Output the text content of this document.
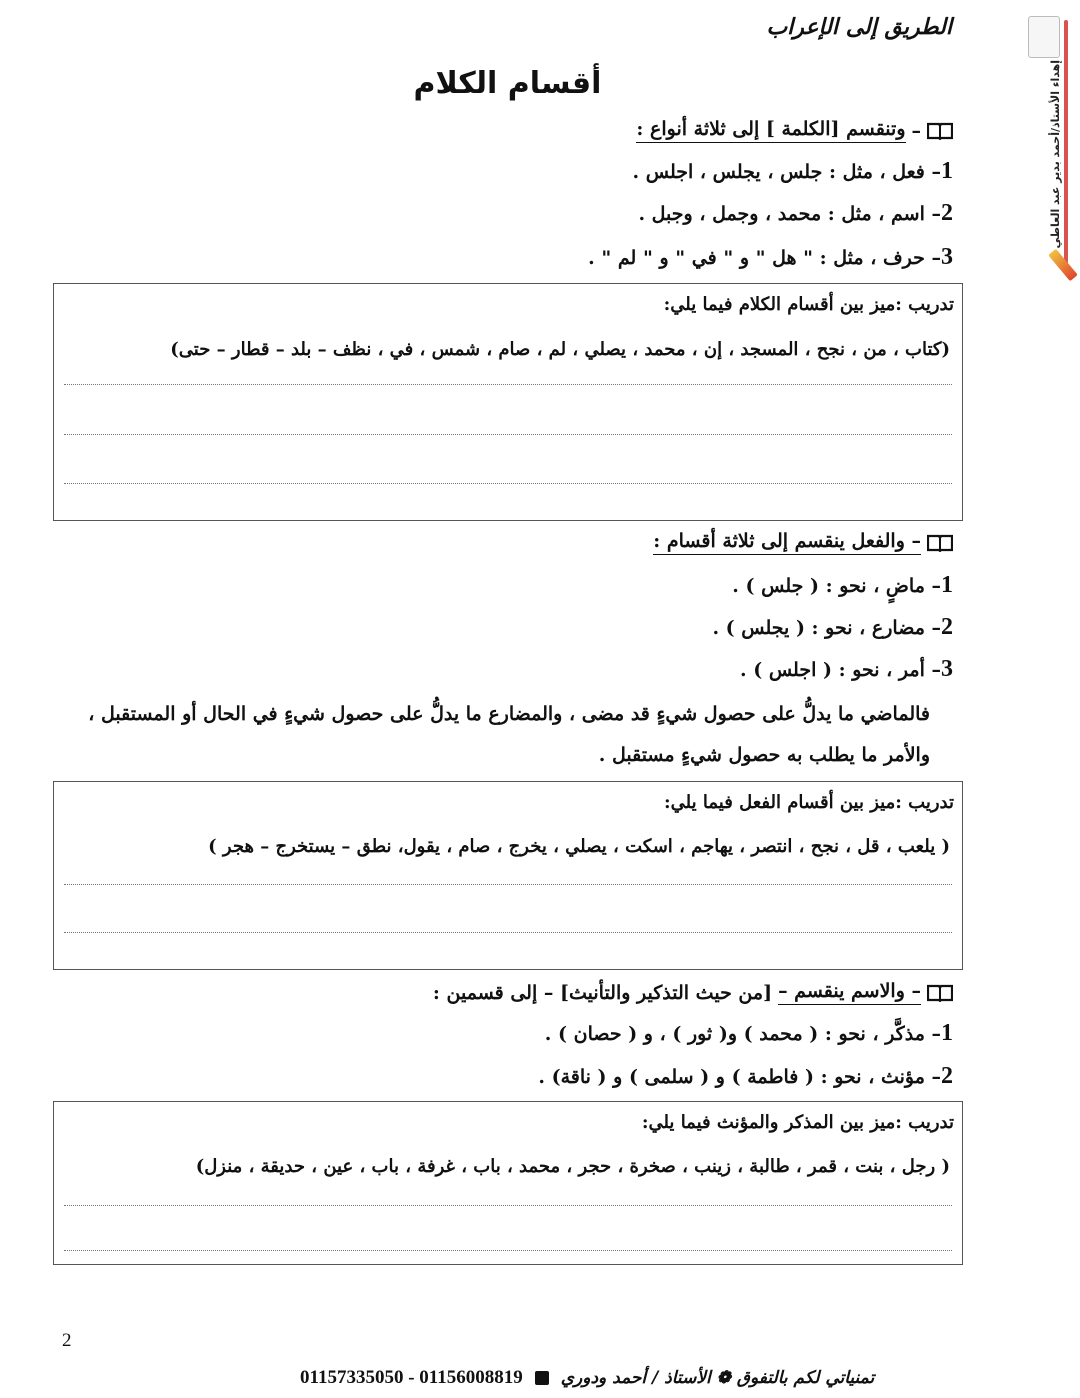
الطريق إلى الإعراب
إهداء الأستاذ/أحمد بدير عبد العاطي
أقسام الكلام
–
وتنقسم [الكلمة ] إلى ثلاثة أنواع :
1– فعل ، مثل : جلس ، يجلس ، اجلس .
2– اسم ، مثل : محمد ، وجمل ، وجبل .
3– حرف ، مثل : " هل " و " في " و " لم " .
تدريب :ميز بين أقسام الكلام فيما يلي:
(كتاب ، من ، نجح ، المسجد ، إن ، محمد ، يصلي ، لم ، صام ، شمس ، في ، نظف – بلد – قطار – حتى)
– والفعل ينقسم إلى ثلاثة أقسام :
1– ماضٍ ، نحو : ( جلس ) .
2– مضارع ، نحو : ( يجلس ) .
3– أمر ، نحو : ( اجلس ) .
فالماضي ما يدلُّ على حصول شيءٍ قد مضى ، والمضارع ما يدلُّ على حصول شيءٍ في الحال أو المستقبل ، والأمر ما يطلب به حصول شيءٍ مستقبل .
تدريب :ميز بين أقسام الفعل فيما يلي:
( يلعب ، قل ، نجح ، انتصر ، يهاجم ، اسكت ، يصلي ، يخرج ، صام ، يقول، نطق – يستخرج – هجر )
– والاسم ينقسم –
[من حيث التذكير والتأنيث] – إلى قسمين :
1– مذكَّر ، نحو : ( محمد ) و( ثور ) ، و ( حصان ) .
2– مؤنث ، نحو : ( فاطمة ) و ( سلمى ) و ( ناقة) .
تدريب :ميز بين المذكر والمؤنث فيما يلي:
( رجل ، بنت ، قمر ، طالبة ، زينب ، صخرة ، حجر ، محمد ، باب ، غرفة ، باب ، عين ، حديقة ، منزل)
2
01157335050 - 01156008819 تمنياتي لكم بالتفوق ❁ الأستاذ / أحمد ودوري
